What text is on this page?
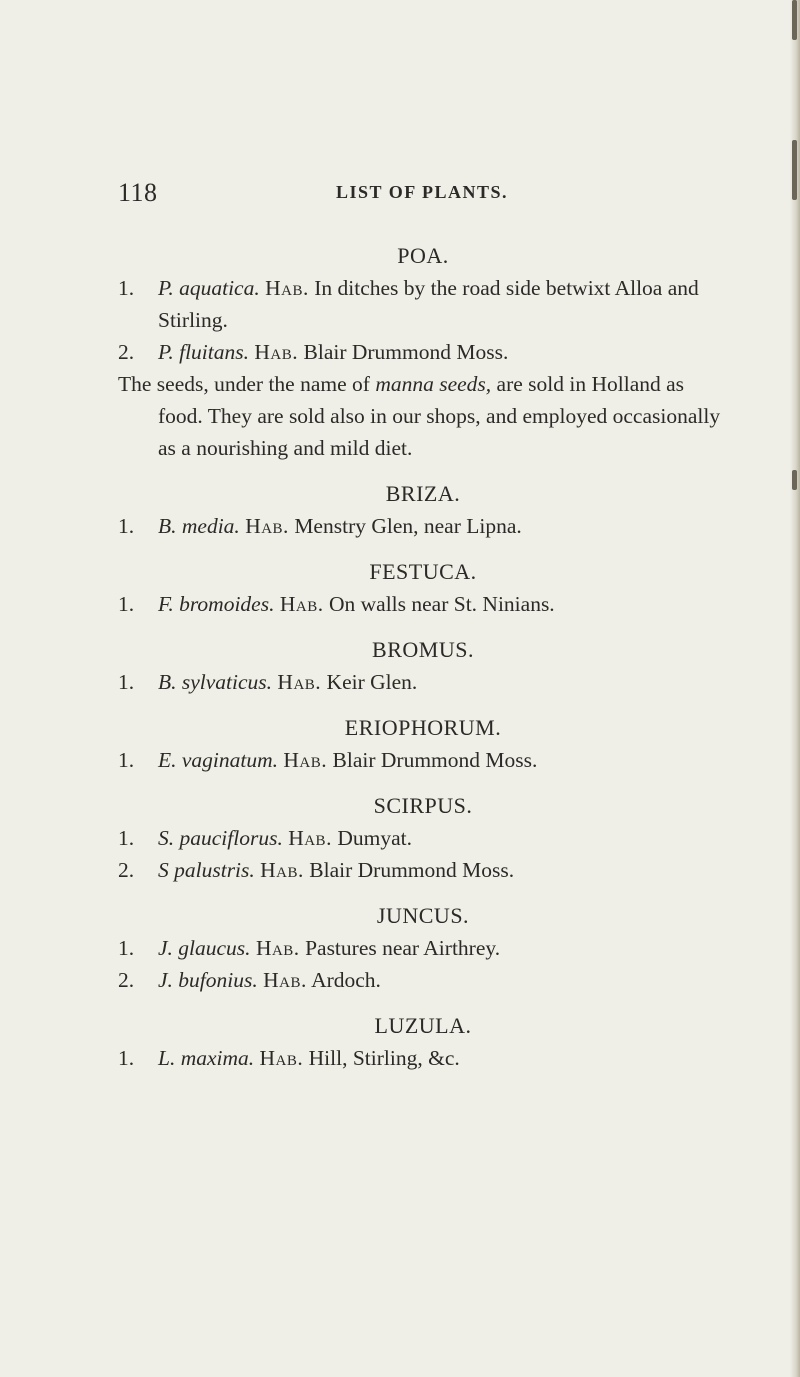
118	LIST OF PLANTS.

POA.

1. P. aquatica. Hab. In ditches by the road side betwixt Alloa and Stirling.

2. P. fluitans. Hab. Blair Drummond Moss.

The seeds, under the name of manna seeds, are sold in Holland as food. They are sold also in our shops, and employed occasionally as a nourishing and mild diet.

BRIZA.

1. B. media. Hab. Menstry Glen, near Lipna.

FESTUCA.

1. F. bromoides. Hab. On walls near St. Ninians.

BROMUS.

1. B. sylvaticus. Hab. Keir Glen.

ERIOPHORUM.

1. E. vaginatum. Hab. Blair Drummond Moss.

SCIRPUS.

1. S. pauciflorus. Hab. Dumyat.

2. S palustris. Hab. Blair Drummond Moss.

JUNCUS.

1. J. glaucus. Hab. Pastures near Airthrey.

2. J. bufonius. Hab. Ardoch.

LUZULA.

1. L. maxima. Hab. Hill, Stirling, &c.
